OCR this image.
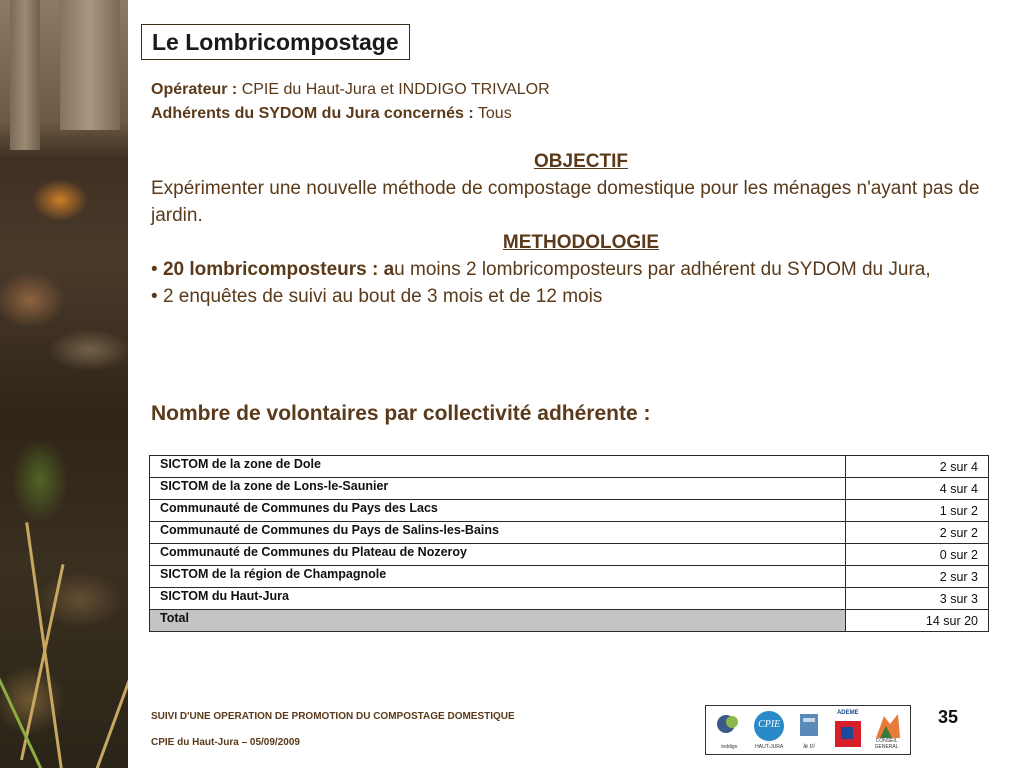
Le Lombricompostage
Opérateur : CPIE du Haut-Jura et INDDIGO TRIVALOR
Adhérents du SYDOM du Jura concernés : Tous
OBJECTIF
Expérimenter une nouvelle méthode de compostage domestique pour les ménages n'ayant pas de jardin.
METHODOLOGIE
• 20 lombricomposteurs : au moins 2 lombricomposteurs par adhérent du SYDOM du Jura,
• 2 enquêtes de suivi au bout de 3 mois et de 12 mois
Nombre de volontaires par collectivité adhérente :
SICTOM de la zone de Dole	2 sur 4
SICTOM de la zone de Lons-le-Saunier	4 sur 4
Communauté de Communes du Pays des Lacs	1 sur 2
Communauté de Communes du Pays de Salins-les-Bains	2 sur 2
Communauté de Communes du Plateau de Nozeroy	0 sur 2
SICTOM de la région de Champagnole	2 sur 3
SICTOM du Haut-Jura	3 sur 3
Total	14 sur 20
SUIVI D'UNE OPERATION DE PROMOTION DU COMPOSTAGE DOMESTIQUE
CPIE du Haut-Jura – 05/09/2009	inddigo
CPIE
HAUT-JURA	le tri
ADEME
CONSEIL GENERAL
35
